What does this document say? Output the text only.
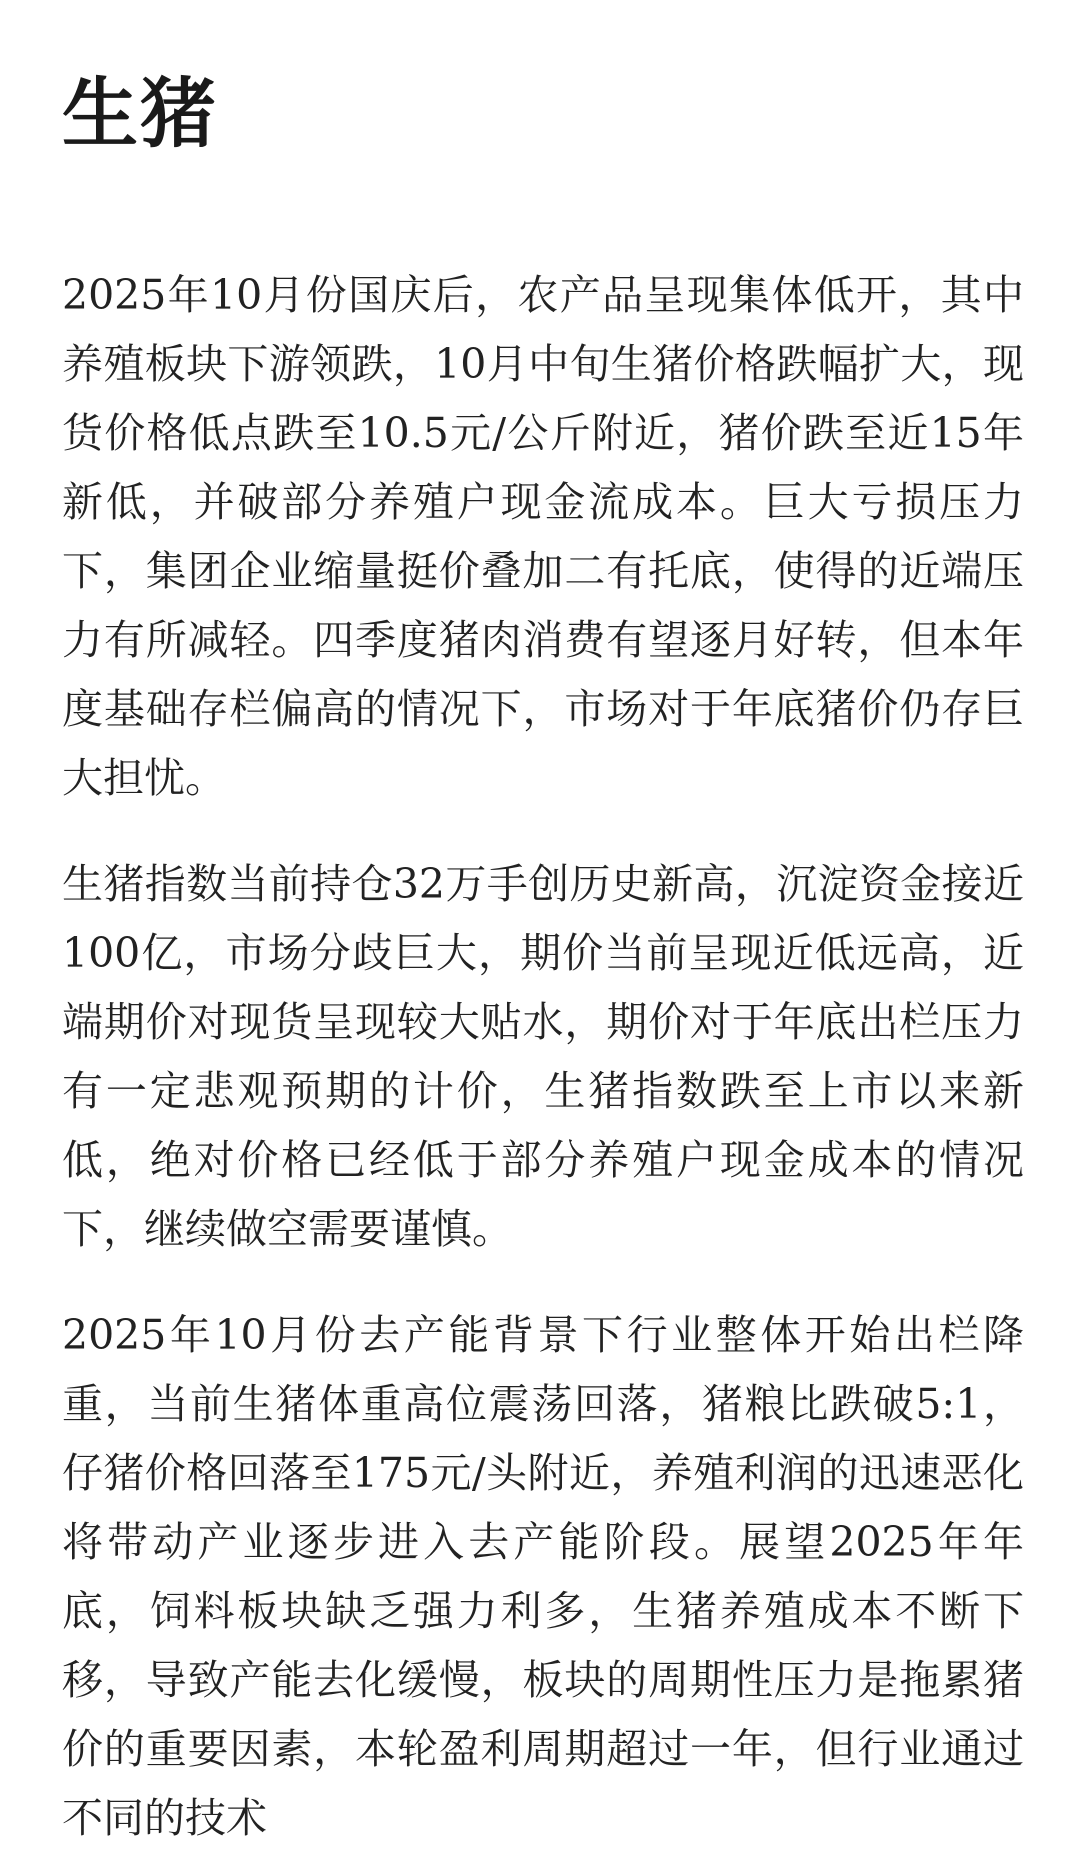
生猪

2025年10月份国庆后，农产品呈现集体低开，其中养殖板块下游领跌，10月中旬生猪价格跌幅扩大，现货价格低点跌至10.5元/公斤附近，猪价跌至近15年新低，并破部分养殖户现金流成本。巨大亏损压力下，集团企业缩量挺价叠加二有托底，使得的近端压力有所减轻。四季度猪肉消费有望逐月好转，但本年度基础存栏偏高的情况下，市场对于年底猪价仍存巨大担忧。

生猪指数当前持仓32万手创历史新高，沉淀资金接近100亿，市场分歧巨大，期价当前呈现近低远高，近端期价对现货呈现较大贴水，期价对于年底出栏压力有一定悲观预期的计价，生猪指数跌至上市以来新低，绝对价格已经低于部分养殖户现金成本的情况下，继续做空需要谨慎。

2025年10月份去产能背景下行业整体开始出栏降重，当前生猪体重高位震荡回落，猪粮比跌破5:1，仔猪价格回落至175元/头附近，养殖利润的迅速恶化将带动产业逐步进入去产能阶段。展望2025年年底，饲料板块缺乏强力利多，生猪养殖成本不断下移，导致产能去化缓慢，板块的周期性压力是拖累猪价的重要因素，本轮盈利周期超过一年，但行业通过不同的技术
